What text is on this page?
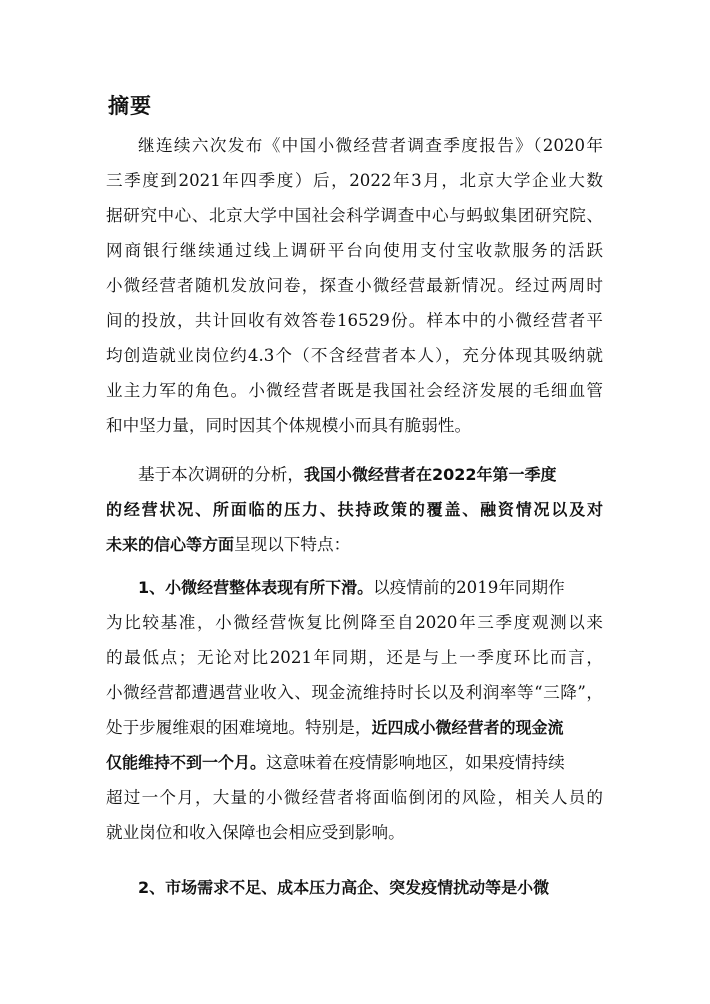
摘要
继连续六次发布《中国小微经营者调查季度报告》（2020年
三季度到2021年四季度）后，2022年3月，北京大学企业大数
据研究中心、北京大学中国社会科学调查中心与蚂蚁集团研究院、
网商银行继续通过线上调研平台向使用支付宝收款服务的活跃
小微经营者随机发放问卷，探查小微经营最新情况。经过两周时
间的投放，共计回收有效答卷16529份。样本中的小微经营者平
均创造就业岗位约4.3个（不含经营者本人），充分体现其吸纳就
业主力军的角色。小微经营者既是我国社会经济发展的毛细血管
和中坚力量，同时因其个体规模小而具有脆弱性。
基于本次调研的分析，我国小微经营者在2022年第一季度
的经营状况、所面临的压力、扶持政策的覆盖、融资情况以及对
未来的信心等方面呈现以下特点：
1、小微经营整体表现有所下滑。以疫情前的2019年同期作
为比较基准，小微经营恢复比例降至自2020年三季度观测以来
的最低点；无论对比2021年同期，还是与上一季度环比而言，
小微经营都遭遇营业收入、现金流维持时长以及利润率等“三降”，
处于步履维艰的困难境地。特别是，近四成小微经营者的现金流
仅能维持不到一个月。这意味着在疫情影响地区，如果疫情持续
超过一个月，大量的小微经营者将面临倒闭的风险，相关人员的
就业岗位和收入保障也会相应受到影响。
2、市场需求不足、成本压力高企、突发疫情扰动等是小微
